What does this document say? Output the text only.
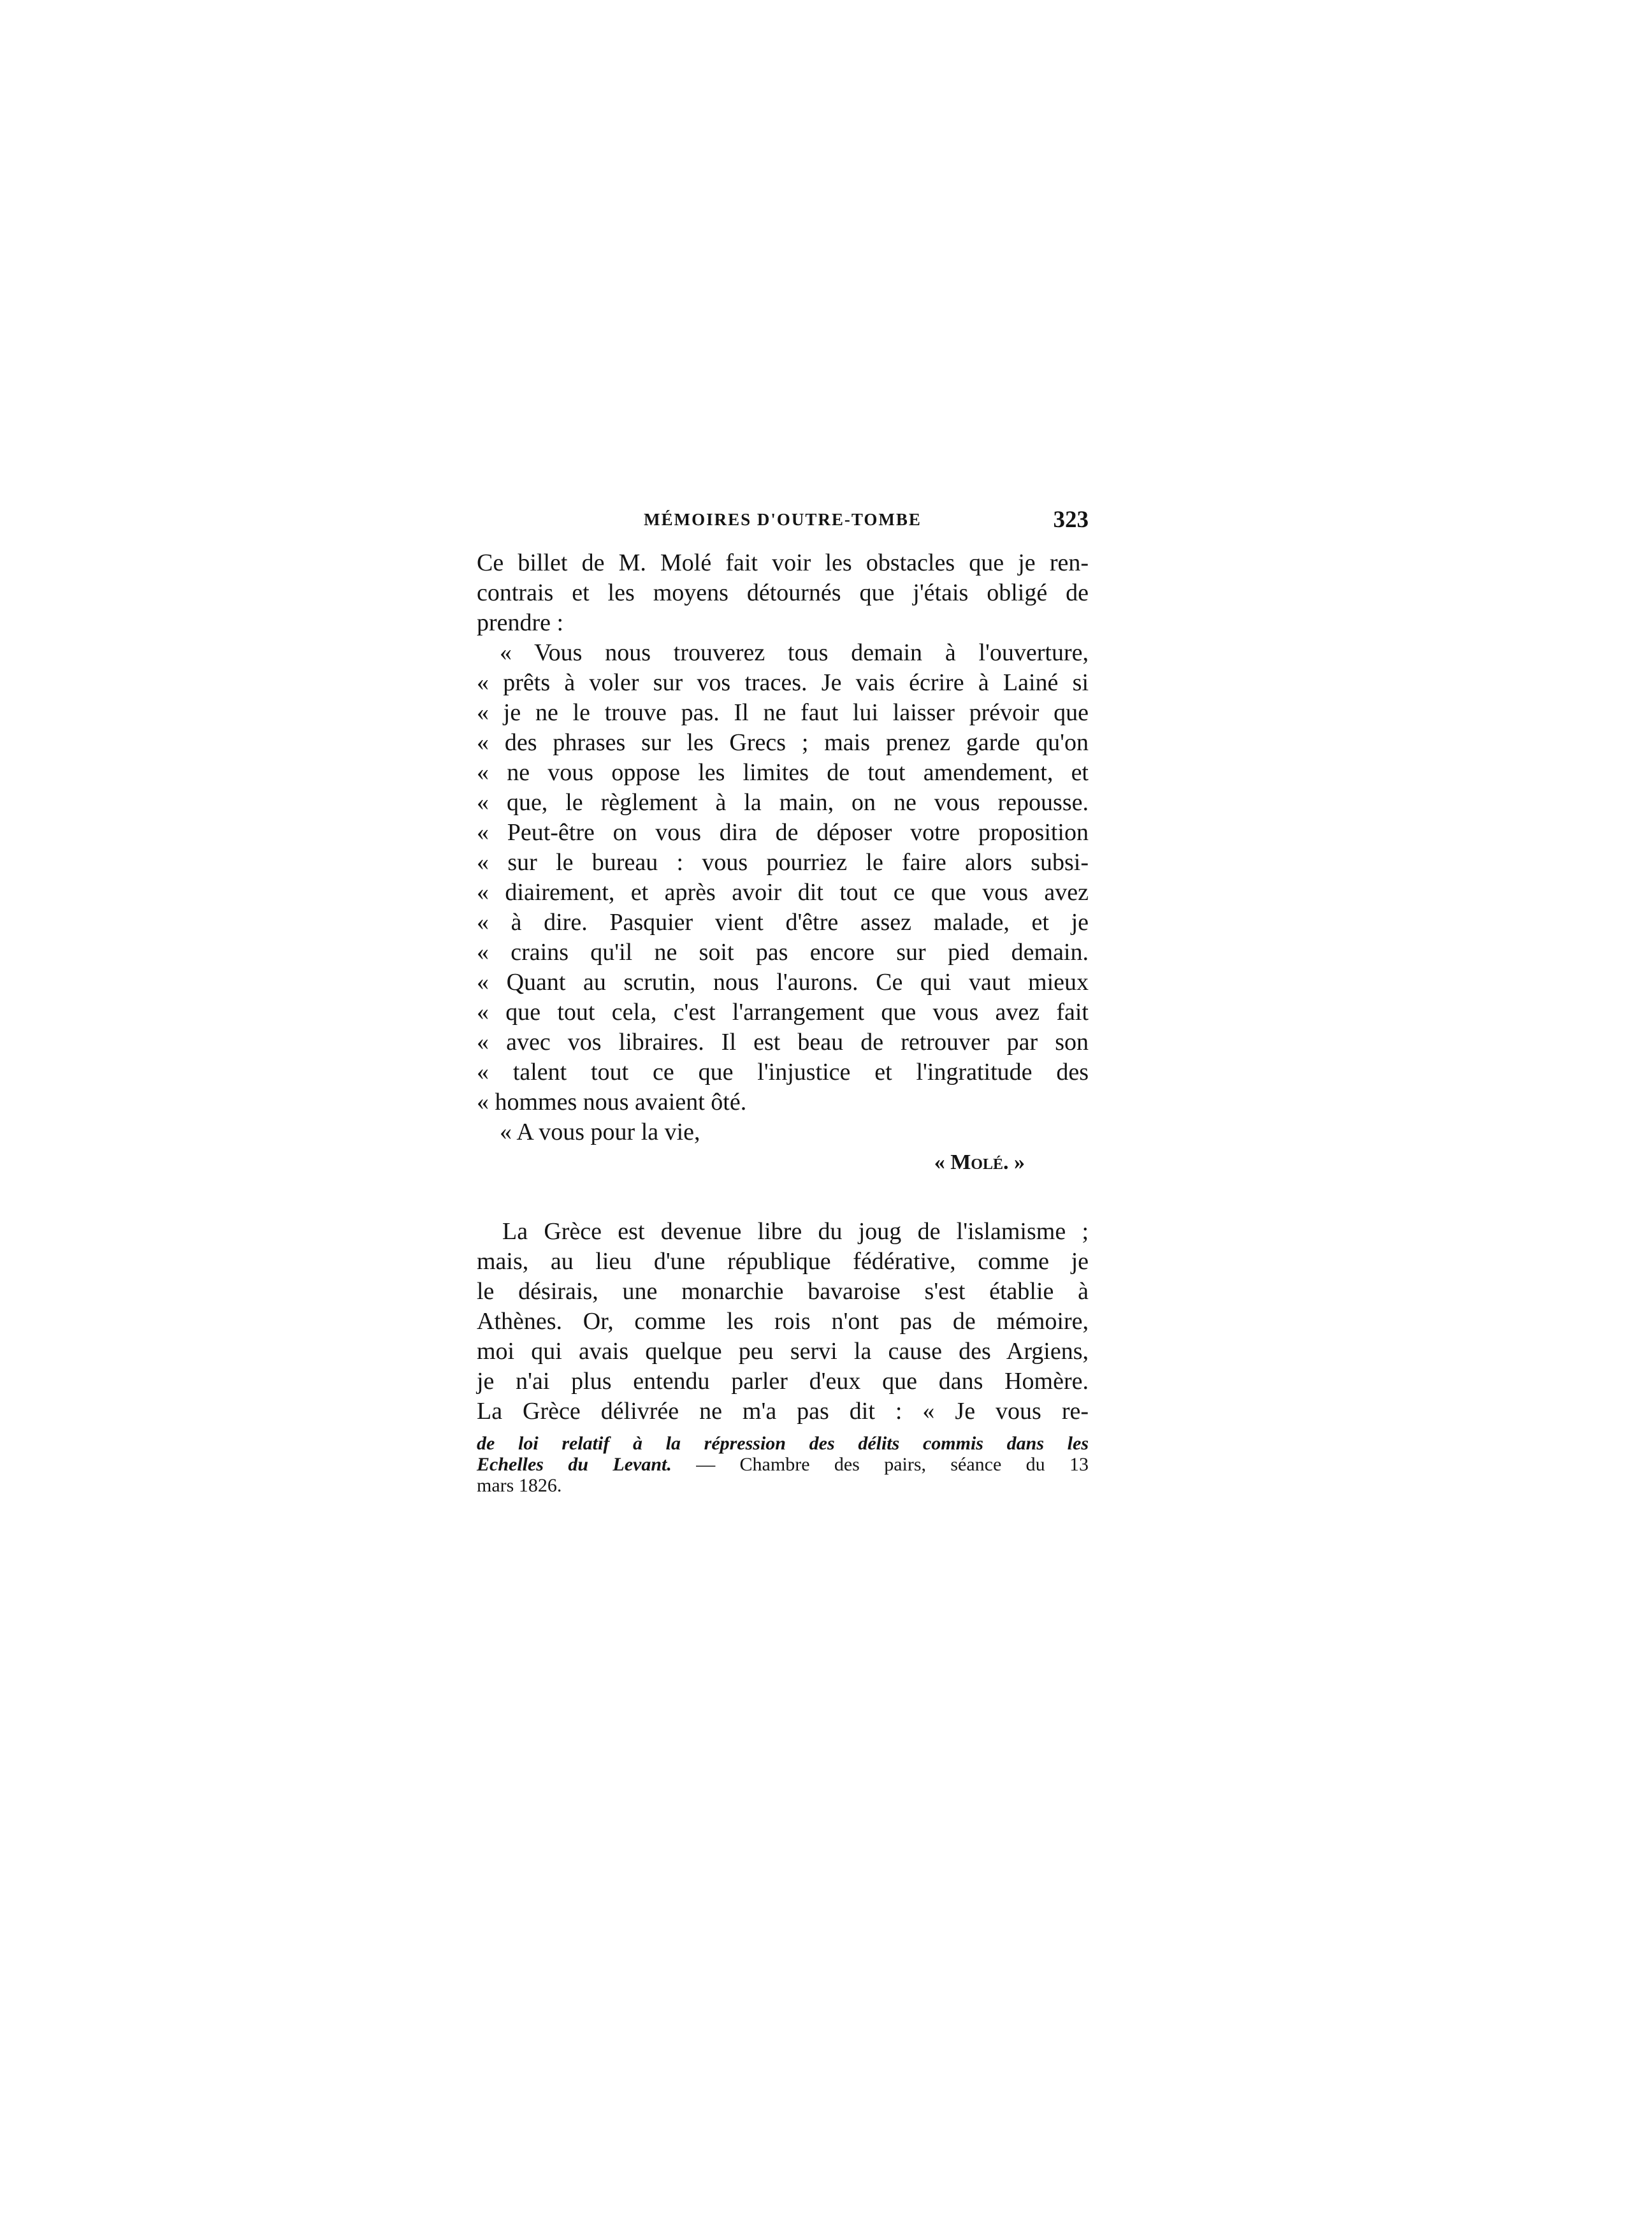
MÉMOIRES D'OUTRE-TOMBE	323
Ce billet de M. Molé fait voir les obstacles que je ren-
contrais et les moyens détournés que j'étais obligé de
prendre :
« Vous nous trouverez tous demain à l'ouverture,
« prêts à voler sur vos traces. Je vais écrire à Lainé si
« je ne le trouve pas. Il ne faut lui laisser prévoir que
« des phrases sur les Grecs ; mais prenez garde qu'on
« ne vous oppose les limites de tout amendement, et
« que, le règlement à la main, on ne vous repousse.
« Peut-être on vous dira de déposer votre proposition
« sur le bureau : vous pourriez le faire alors subsi-
« diairement, et après avoir dit tout ce que vous avez
« à dire. Pasquier vient d'être assez malade, et je
« crains qu'il ne soit pas encore sur pied demain.
« Quant au scrutin, nous l'aurons. Ce qui vaut mieux
« que tout cela, c'est l'arrangement que vous avez fait
« avec vos libraires. Il est beau de retrouver par son
« talent tout ce que l'injustice et l'ingratitude des
« hommes nous avaient ôté.
« A vous pour la vie,
« Molé. »
La Grèce est devenue libre du joug de l'islamisme ;
mais, au lieu d'une république fédérative, comme je
le désirais, une monarchie bavaroise s'est établie à
Athènes. Or, comme les rois n'ont pas de mémoire,
moi qui avais quelque peu servi la cause des Argiens,
je n'ai plus entendu parler d'eux que dans Homère.
La Grèce délivrée ne m'a pas dit : « Je vous re-
de loi relatif à la répression des délits commis dans les
Echelles du Levant. — Chambre des pairs, séance du 13
mars 1826.
